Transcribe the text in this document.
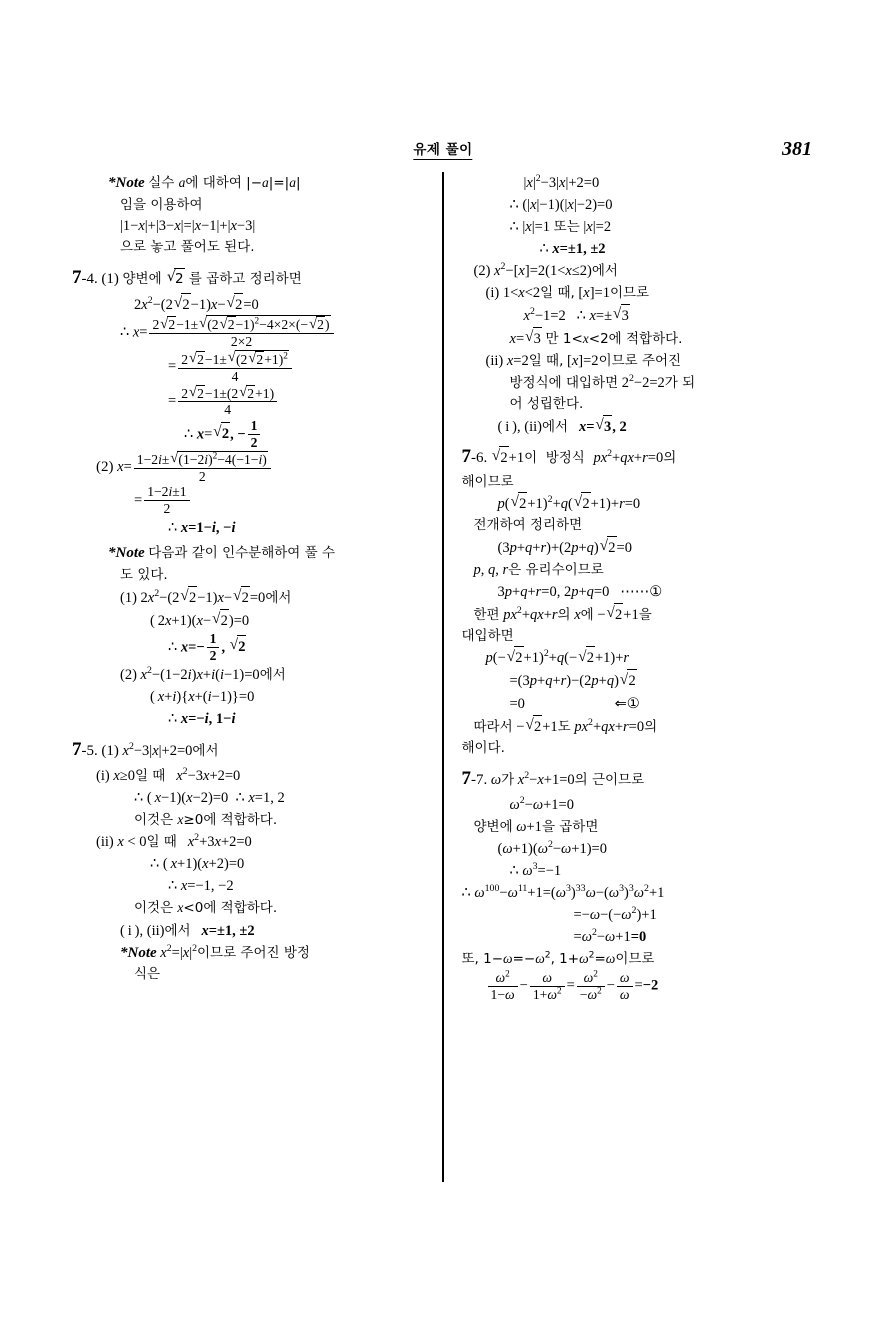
유제 풀이	381
*Note 실수 a에 대하여 |−a|=|a|
임을 이용하여
|1−x|+|3−x|=|x−1|+|x−3|
으로 놓고 풀어도 된다.
7-4. (1) 양변에 √ 2 를 곱하고 정리하면
$2x^2-(2$ √ 2−1)x− √ 2=0
∴ $x= \frac{2 √ 2-1\pm √ (2 √ 2-1)^2-4\times 2\times(- √ 2)}{2\times 2}$
= $\frac{2 √ 2-1\pm √ (2 √ 2+1)^2}{4}$
= $\frac{2 √ 2-1\pm(2 √ 2+1)}{4}$
∴ x= √ 2, − $\frac{1}{2}$
(2) $x= \frac{1-2i\pm √ (1-2i)^2-4(-1-i)}{2}$
= $\frac{1-2i\pm 1}{2}$
∴ x=1−i, −i
*Note 다음과 같이 인수분해하여 풀 수
도 있다.
(1) $2x^2-(2$ √ 2−1)x− √ 2=0에서
( 2x+1)(x− √ 2)=0
∴ $x=- \frac{1}{2}$ , √ 2
(2) $x^2-(1-2i)x+i(i-1)=0$에서
( x+i){x+(i−1)}=0
∴ x=−i, 1−i
7-5. (1) $x^2-3|x|+2=0$에서
(i) x≥0일 때 $x^2-3x+2=0$
∴ ( x−1)(x−2)=0  ∴ x=1, 2
이것은 x≥0에 적합하다.
(ii) x < 0일 때 $x^2+3x+2=0$
∴ ( x+1)(x+2)=0
∴ x=−1, −2
이것은 x<0에 적합하다.
( i ), (ii)에서 x=±1, ±2
*Note $x^2=|x|^2$이므로 주어진 방정
식은
$|x|^2-3|x|+2=0$
∴ (|x|−1)(|x|−2)=0
∴ |x|=1 또는 |x|=2
∴ x=±1, ±2
(2) $x^2-[x]=2(1<x\le 2)$에서
(i) 1<x<2일 때, [x]=1이므로
$x^2-1=2$   ∴ x=± √ 3
x= √ 3 만 1<x<2에 적합하다.
(ii) x=2일 때, [x]=2이므로 주어진
방정식에 대입하면 $2^2-2=2$가 되
어 성립한다.
( i ), (ii)에서 x= √ 3, 2
7-6. √ 2+1이  방정식  $px^2+qx+r=0$의
해이므로
p( √ 2+1)$^2$+q( √ 2+1)+r=0
전개하여 정리하면
(3p+q+r)+(2p+q) √ 2=0
p, q, r은 유리수이므로
3p+q+r=0, 2p+q=0   ⋯⋯①
한편 $px^2+qx+r$의 x에 − √ 2+1을
대입하면
p(− √ 2+1)$^2$+q(− √ 2+1)+r
=(3p+q+r)−(2p+q) √ 2
=0	⇐①
따라서 − √ 2+1도 $px^2+qx+r=0$의
해이다.
7-7. ω가 $x^2-x+1=0$의 근이므로
$\omega^2-\omega+1=0$
양변에 ω+1을 곱하면
$(\omega+1)(\omega^2-\omega+1)=0$
∴ $\omega^3=-1$
∴ $\omega^{100}-\omega^{11}+1=(\omega^3)^{33}\omega-(\omega^3)^3\omega^2+1$
$=-\omega-(-\omega^2)+1$
$=\omega^2-\omega+1=0$
또, $1-\omega=-\omega^2$, $1+\omega^2=\omega$이므로
$\frac{\omega^2}{1-\omega} - \frac{\omega}{1+\omega^2} = \frac{\omega^2}{-\omega^2} - \frac{\omega}{\omega} =-2$
